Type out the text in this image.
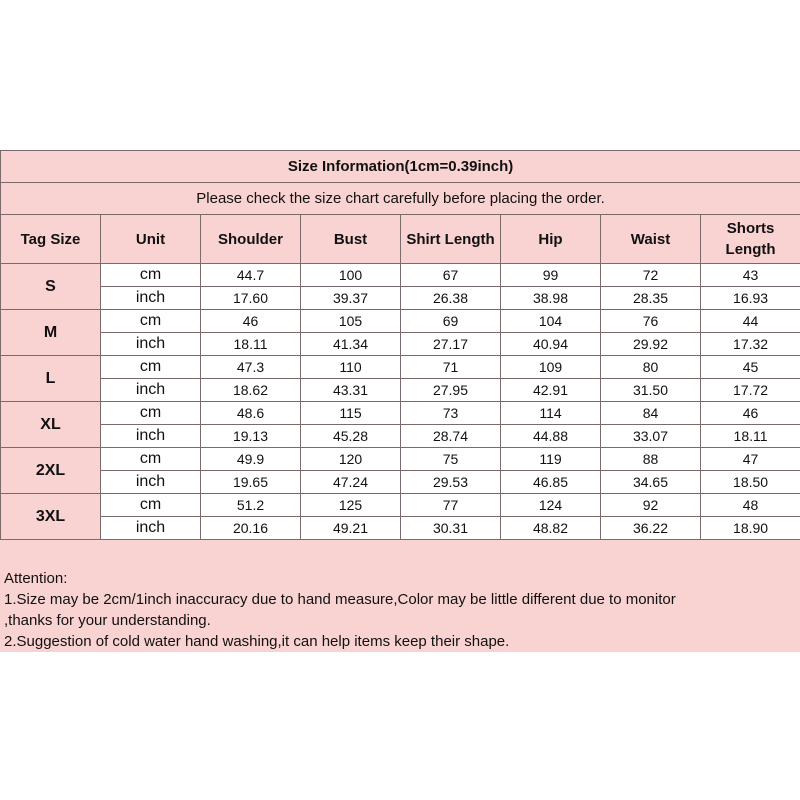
Size Information(1cm=0.39inch)							
Please check the size chart carefully before placing the order.							
Tag Size	Unit	Shoulder	Bust	Shirt Length	Hip	Waist	Shorts Length
S	cm	44.7	100	67	99	72	43
	inch	17.60	39.37	26.38	38.98	28.35	16.93
M	cm	46	105	69	104	76	44
	inch	18.11	41.34	27.17	40.94	29.92	17.32
L	cm	47.3	110	71	109	80	45
	inch	18.62	43.31	27.95	42.91	31.50	17.72
XL	cm	48.6	115	73	114	84	46
	inch	19.13	45.28	28.74	44.88	33.07	18.11
2XL	cm	49.9	120	75	119	88	47
	inch	19.65	47.24	29.53	46.85	34.65	18.50
3XL	cm	51.2	125	77	124	92	48
	inch	20.16	49.21	30.31	48.82	36.22	18.90
Attention:
1.Size may be 2cm/1inch inaccuracy due to hand measure,Color may be little different due to monitor
,thanks for your understanding.
2.Suggestion of cold water hand washing,it can help items keep their shape.
